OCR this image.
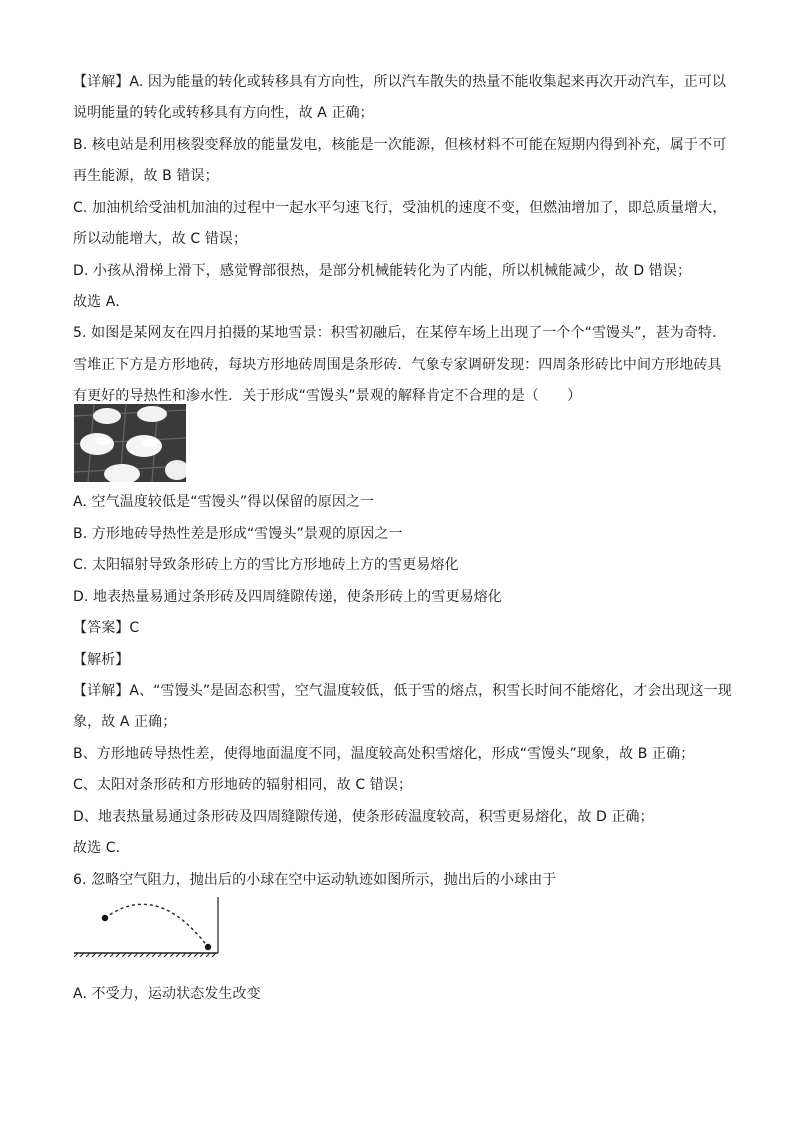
【详解】A. 因为能量的转化或转移具有方向性，所以汽车散失的热量不能收集起来再次开动汽车，正可以
说明能量的转化或转移具有方向性，故 A 正确；
B. 核电站是利用核裂变释放的能量发电，核能是一次能源，但核材料不可能在短期内得到补充，属于不可
再生能源，故 B 错误；
C. 加油机给受油机加油的过程中一起水平匀速飞行，受油机的速度不变，但燃油增加了，即总质量增大，
所以动能增大，故 C 错误；
D. 小孩从滑梯上滑下，感觉臀部很热，是部分机械能转化为了内能，所以机械能减少，故 D 错误；
故选 A．
5. 如图是某网友在四月拍摄的某地雪景：积雪初融后，在某停车场上出现了一个个“雪馒头”，甚为奇特．
雪堆正下方是方形地砖，每块方形地砖周围是条形砖．气象专家调研发现：四周条形砖比中间方形地砖具
有更好的导热性和渗水性．关于形成“雪馒头”景观的解释肯定不合理的是（　　）
A. 空气温度较低是“雪馒头”得以保留的原因之一
B. 方形地砖导热性差是形成“雪馒头”景观的原因之一
C. 太阳辐射导致条形砖上方的雪比方形地砖上方的雪更易熔化
D. 地表热量易通过条形砖及四周缝隙传递，使条形砖上的雪更易熔化
【答案】C
【解析】
【详解】A、“雪馒头”是固态积雪，空气温度较低，低于雪的熔点，积雪长时间不能熔化，才会出现这一现
象，故 A 正确；
B、方形地砖导热性差，使得地面温度不同，温度较高处积雪熔化，形成“雪馒头”现象，故 B 正确；
C、太阳对条形砖和方形地砖的辐射相同，故 C 错误；
D、地表热量易通过条形砖及四周缝隙传递，使条形砖温度较高，积雪更易熔化，故 D 正确；
故选 C．
6. 忽略空气阻力，抛出后的小球在空中运动轨迹如图所示，抛出后的小球由于
A. 不受力，运动状态发生改变
